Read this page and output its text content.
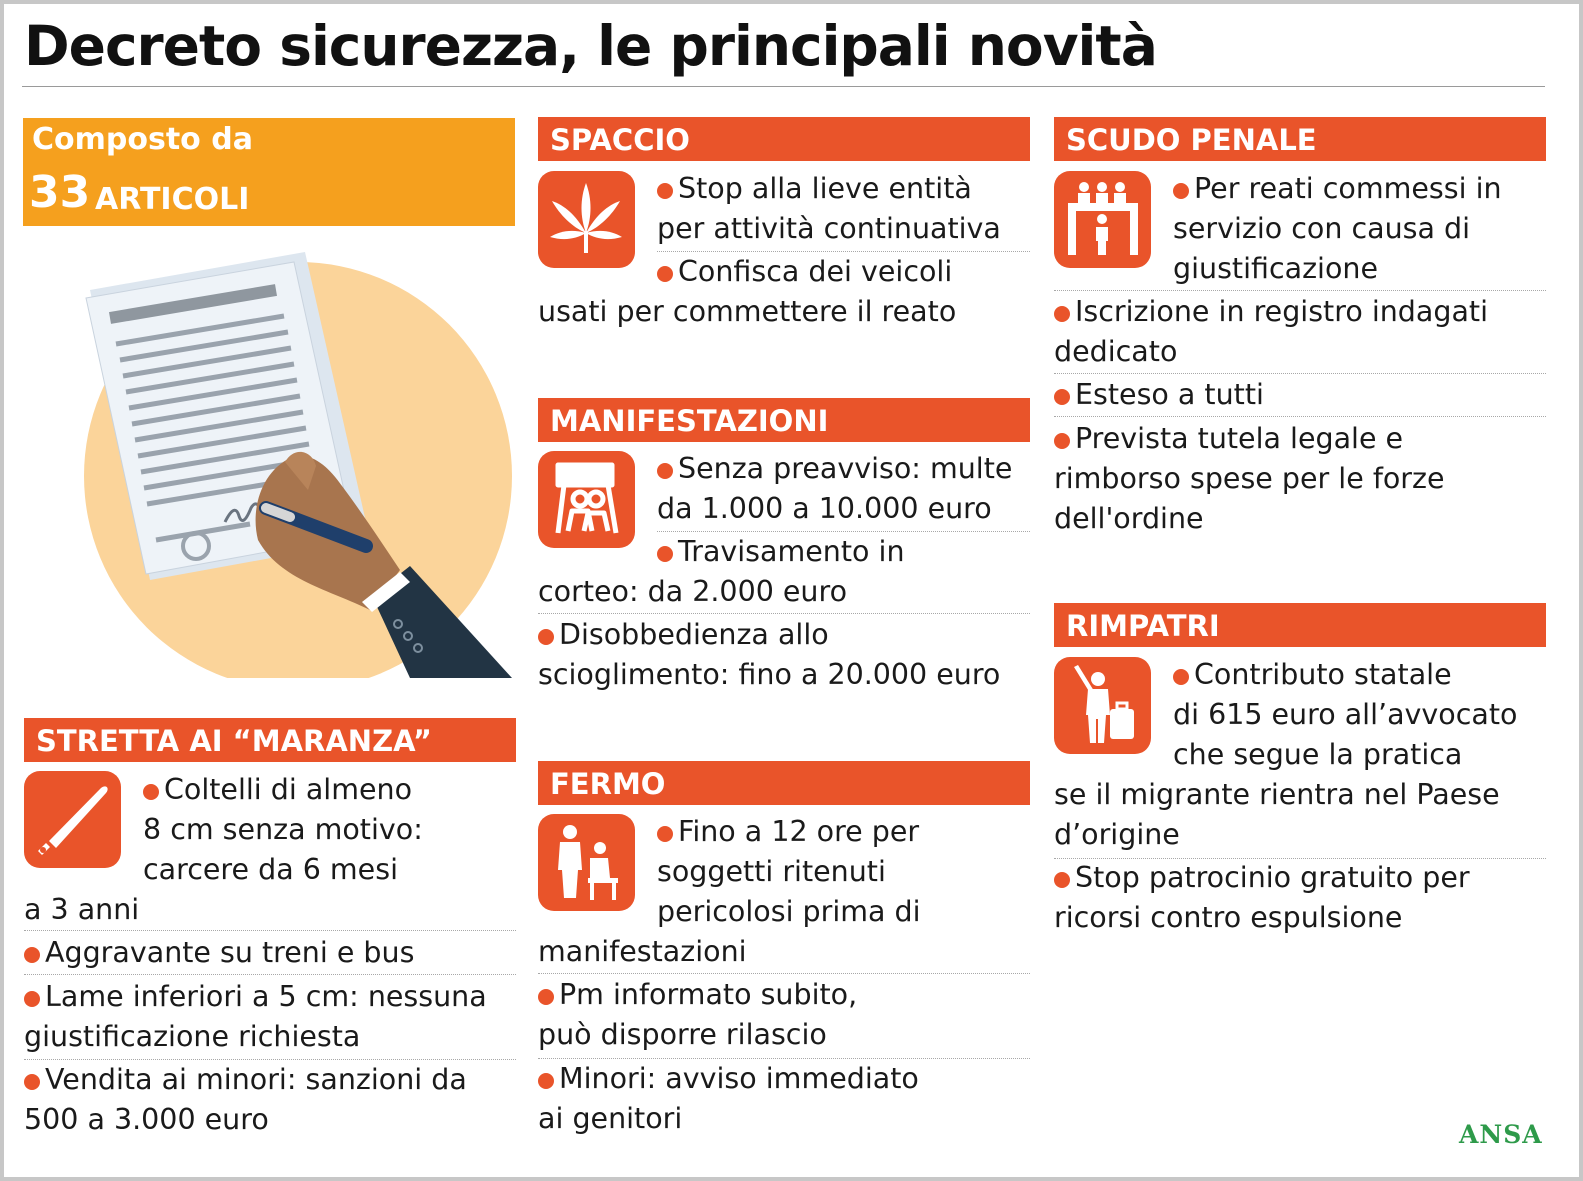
Decreto sicurezza, le principali novità
Composto da
33 ARTICOLI
STRETTA AI “MARANZA”
Coltelli di almeno
8 cm senza motivo:
carcere da 6 mesi
a 3 anni
Aggravante su treni e bus
Lame inferiori a 5 cm: nessuna
giustificazione richiesta
Vendita ai minori: sanzioni da
500 a 3.000 euro
SPACCIO
Stop alla lieve entità
per attività continuativa
Confisca dei veicoli
usati per commettere il reato
MANIFESTAZIONI
Senza preavviso: multe
da 1.000 a 10.000 euro
Travisamento in
corteo: da 2.000 euro
Disobbedienza allo
scioglimento: fino a 20.000 euro
FERMO
Fino a 12 ore per
soggetti ritenuti
pericolosi prima di
manifestazioni
Pm informato subito,
può disporre rilascio
Minori: avviso immediato
ai genitori
SCUDO PENALE
Per reati commessi in
servizio con causa di
giustificazione
Iscrizione in registro indagati
dedicato
Esteso a tutti
Prevista tutela legale e
rimborso spese per le forze
dell'ordine
RIMPATRI
Contributo statale
di 615 euro all’avvocato
che segue la pratica
se il migrante rientra nel Paese
d’origine
Stop patrocinio gratuito per
ricorsi contro espulsione
ANSA
